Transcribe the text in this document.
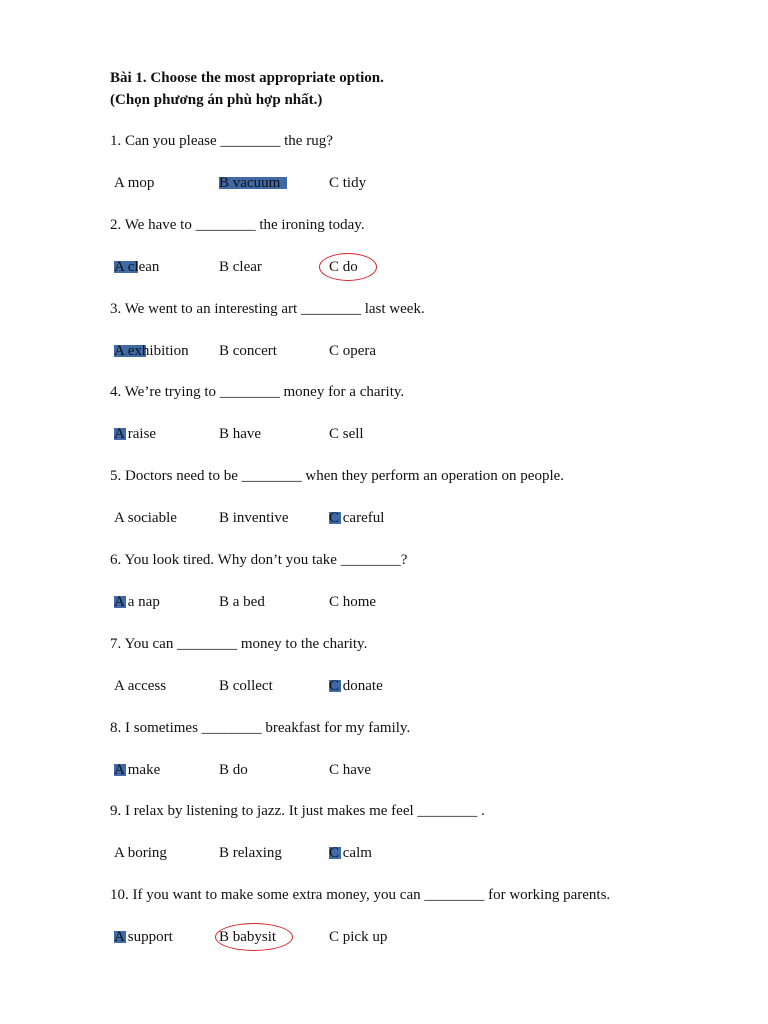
Bài 1. Choose the most appropriate option.
(Chọn phương án phù hợp nhất.)
1. Can you please ________ the rug?
A mop	B vacuum	C tidy
2. We have to ________ the ironing today.
A clean	B clear	C do
3. We went to an interesting art ________ last week.
A exhibition B concert	C opera
4. We’re trying to ________ money for a charity.
A raise	B have	C sell
5. Doctors need to be ________ when they perform an operation on people.
A sociable	B inventive	C careful
6. You look tired. Why don’t you take ________?
A a nap	B a bed	C home
7. You can ________ money to the charity.
A access	B collect	C donate
8. I sometimes ________ breakfast for my family.
A make	B do	C have
9. I relax by listening to jazz. It just makes me feel ________ .
A boring	B relaxing	C calm
10. If you want to make some extra money, you can ________ for working parents.
A support	B babysit	C pick up
